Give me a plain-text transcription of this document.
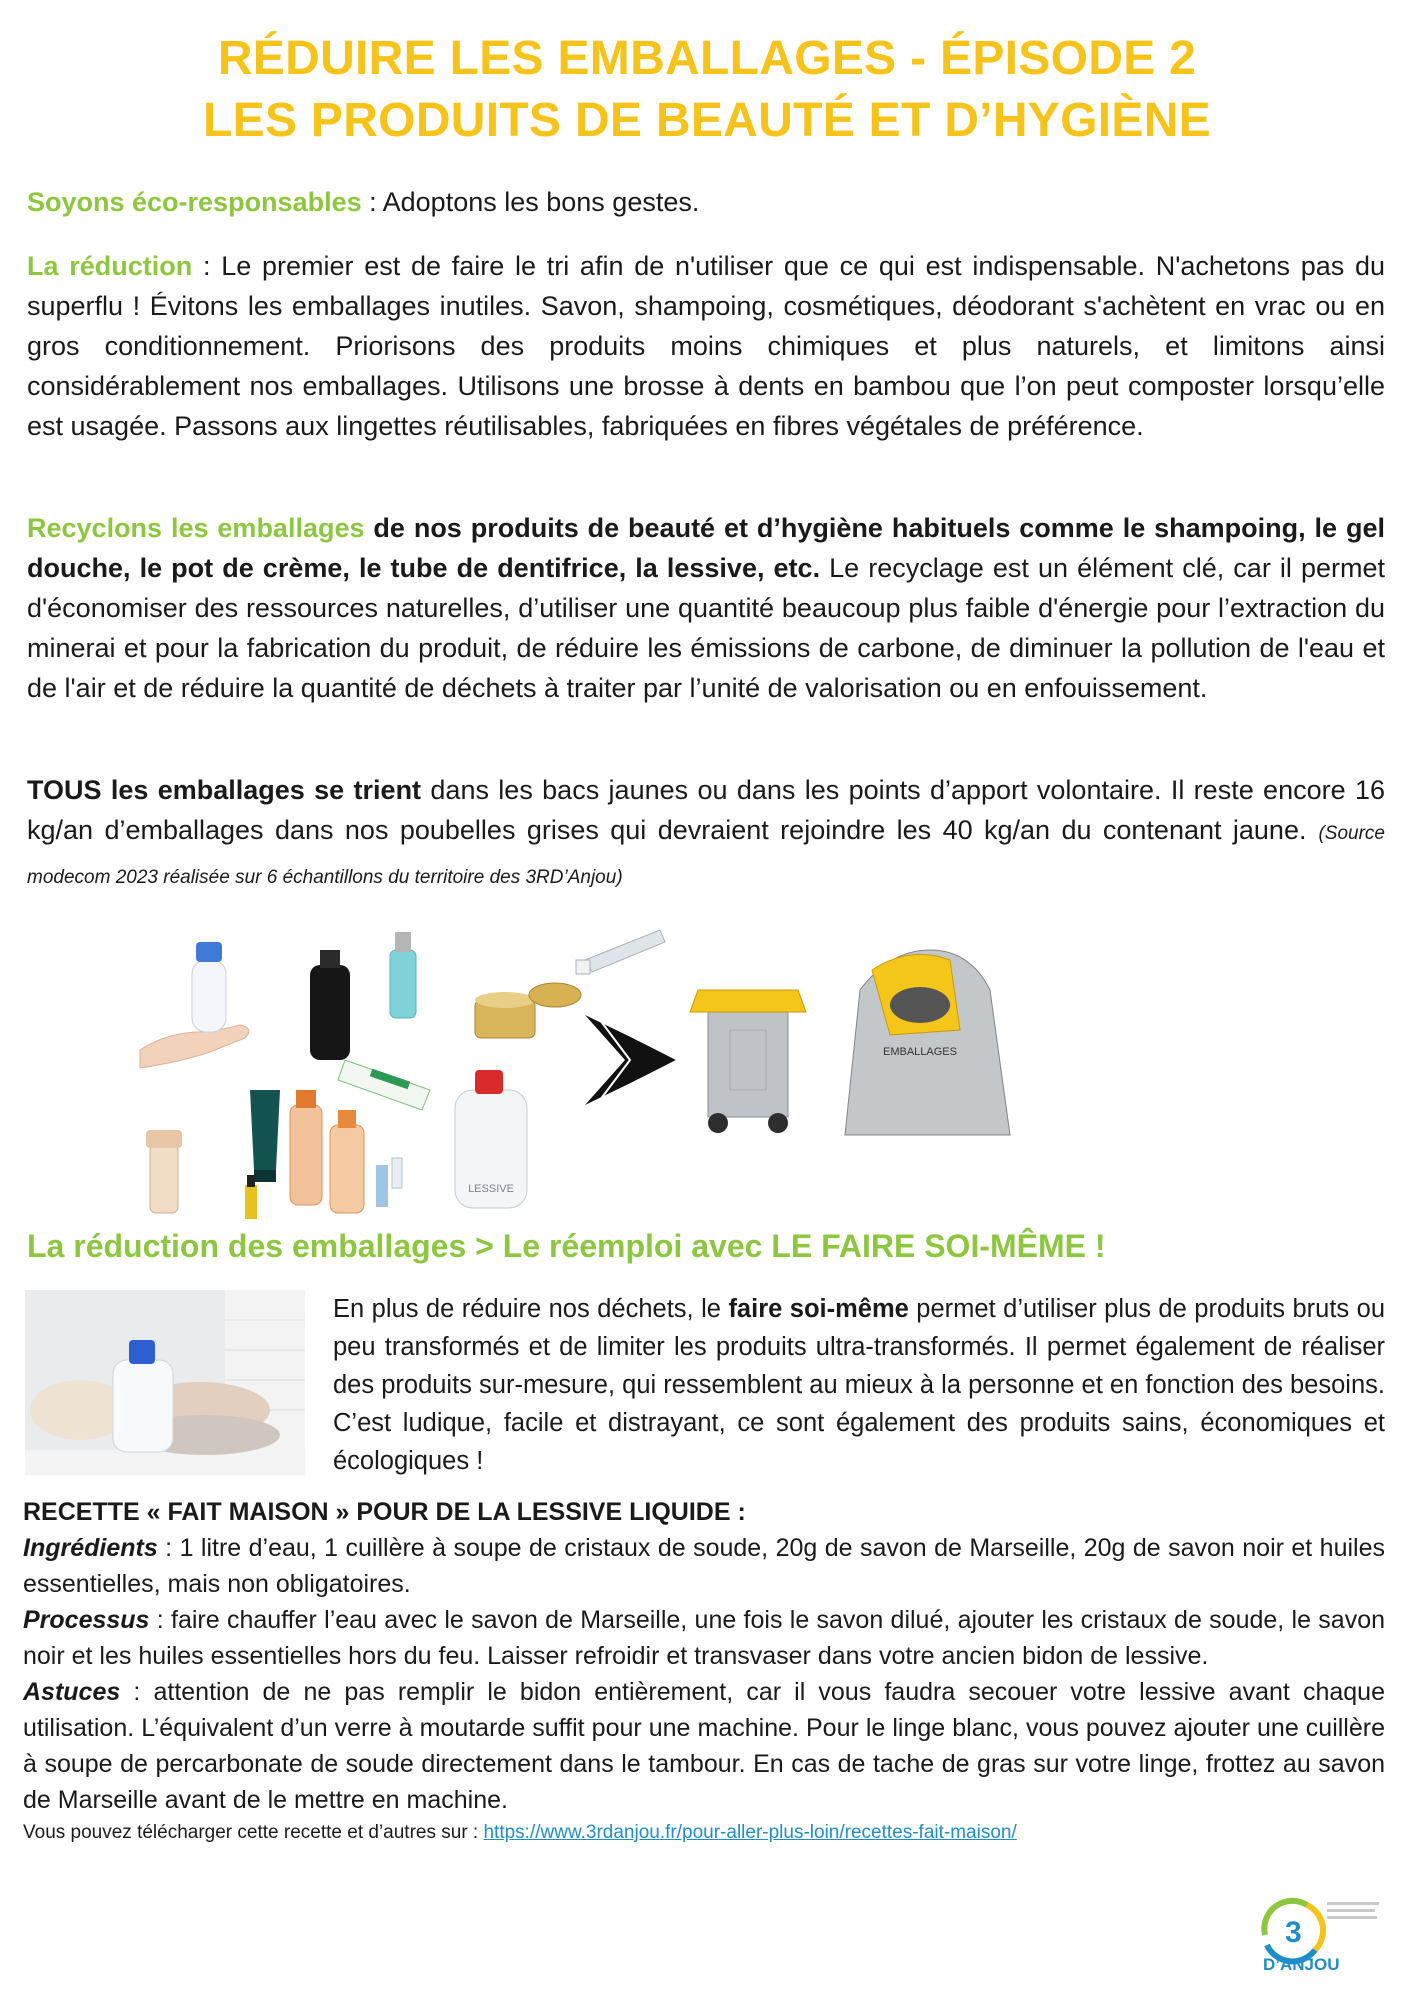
RÉDUIRE LES EMBALLAGES - ÉPISODE 2
LES PRODUITS DE BEAUTÉ ET D’HYGIÈNE
Soyons éco-responsables : Adoptons les bons gestes.
La réduction : Le premier est de faire le tri afin de n'utiliser que ce qui est indispensable. N'achetons pas du superflu ! Évitons les emballages inutiles. Savon, shampoing, cosmétiques, déodorant s'achètent en vrac ou en gros conditionnement. Priorisons des produits moins chimiques et plus naturels, et limitons ainsi considérablement nos emballages. Utilisons une brosse à dents en bambou que l’on peut composter lorsqu’elle est usagée. Passons aux lingettes réutilisables, fabriquées en fibres végétales de préférence.
Recyclons les emballages de nos produits de beauté et d’hygiène habituels comme le shampoing, le gel douche, le pot de crème, le tube de dentifrice, la lessive, etc. Le recyclage est un élément clé, car il permet d'économiser des ressources naturelles, d’utiliser une quantité beaucoup plus faible d'énergie pour l’extraction du minerai et pour la fabrication du produit, de réduire les émissions de carbone, de diminuer la pollution de l'eau et de l'air et de réduire la quantité de déchets à traiter par l’unité de valorisation ou en enfouissement.
TOUS les emballages se trient dans les bacs jaunes ou dans les points d’apport volontaire. Il reste encore 16 kg/an d’emballages dans nos poubelles grises qui devraient rejoindre les 40 kg/an du contenant jaune. (Source modecom 2023 réalisée sur 6 échantillons du territoire des 3RD’Anjou)
LESSIVE
EMBALLAGES
La réduction des emballages > Le réemploi avec LE FAIRE SOI-MÊME !
En plus de réduire nos déchets, le faire soi-même permet d’utiliser plus de produits bruts ou peu transformés et de limiter les produits ultra-transformés. Il permet également de réaliser des produits sur-mesure, qui ressemblent au mieux à la personne et en fonction des besoins. C’est ludique, facile et distrayant, ce sont également des produits sains, économiques et écologiques !

RECETTE « FAIT MAISON » POUR DE LA LESSIVE LIQUIDE :

Ingrédients : 1 litre d’eau, 1 cuillère à soupe de cristaux de soude, 20g de savon de Marseille, 20g de savon noir et huiles essentielles, mais non obligatoires.

Processus : faire chauffer l’eau avec le savon de Marseille, une fois le savon dilué, ajouter les cristaux de soude, le savon noir et les huiles essentielles hors du feu. Laisser refroidir et transvaser dans votre ancien bidon de lessive.

Astuces : attention de ne pas remplir le bidon entièrement, car il vous faudra secouer votre lessive avant chaque utilisation. L’équivalent d’un verre à moutarde suffit pour une machine. Pour le linge blanc, vous pouvez ajouter une cuillère à soupe de percarbonate de soude directement dans le tambour. En cas de tache de gras sur votre linge, frottez au savon de Marseille avant de le mettre en machine.

Vous pouvez télécharger cette recette et d’autres sur : https://www.3rdanjou.fr/pour-aller-plus-loin/recettes-fait-maison/

3
D’ANJOU
